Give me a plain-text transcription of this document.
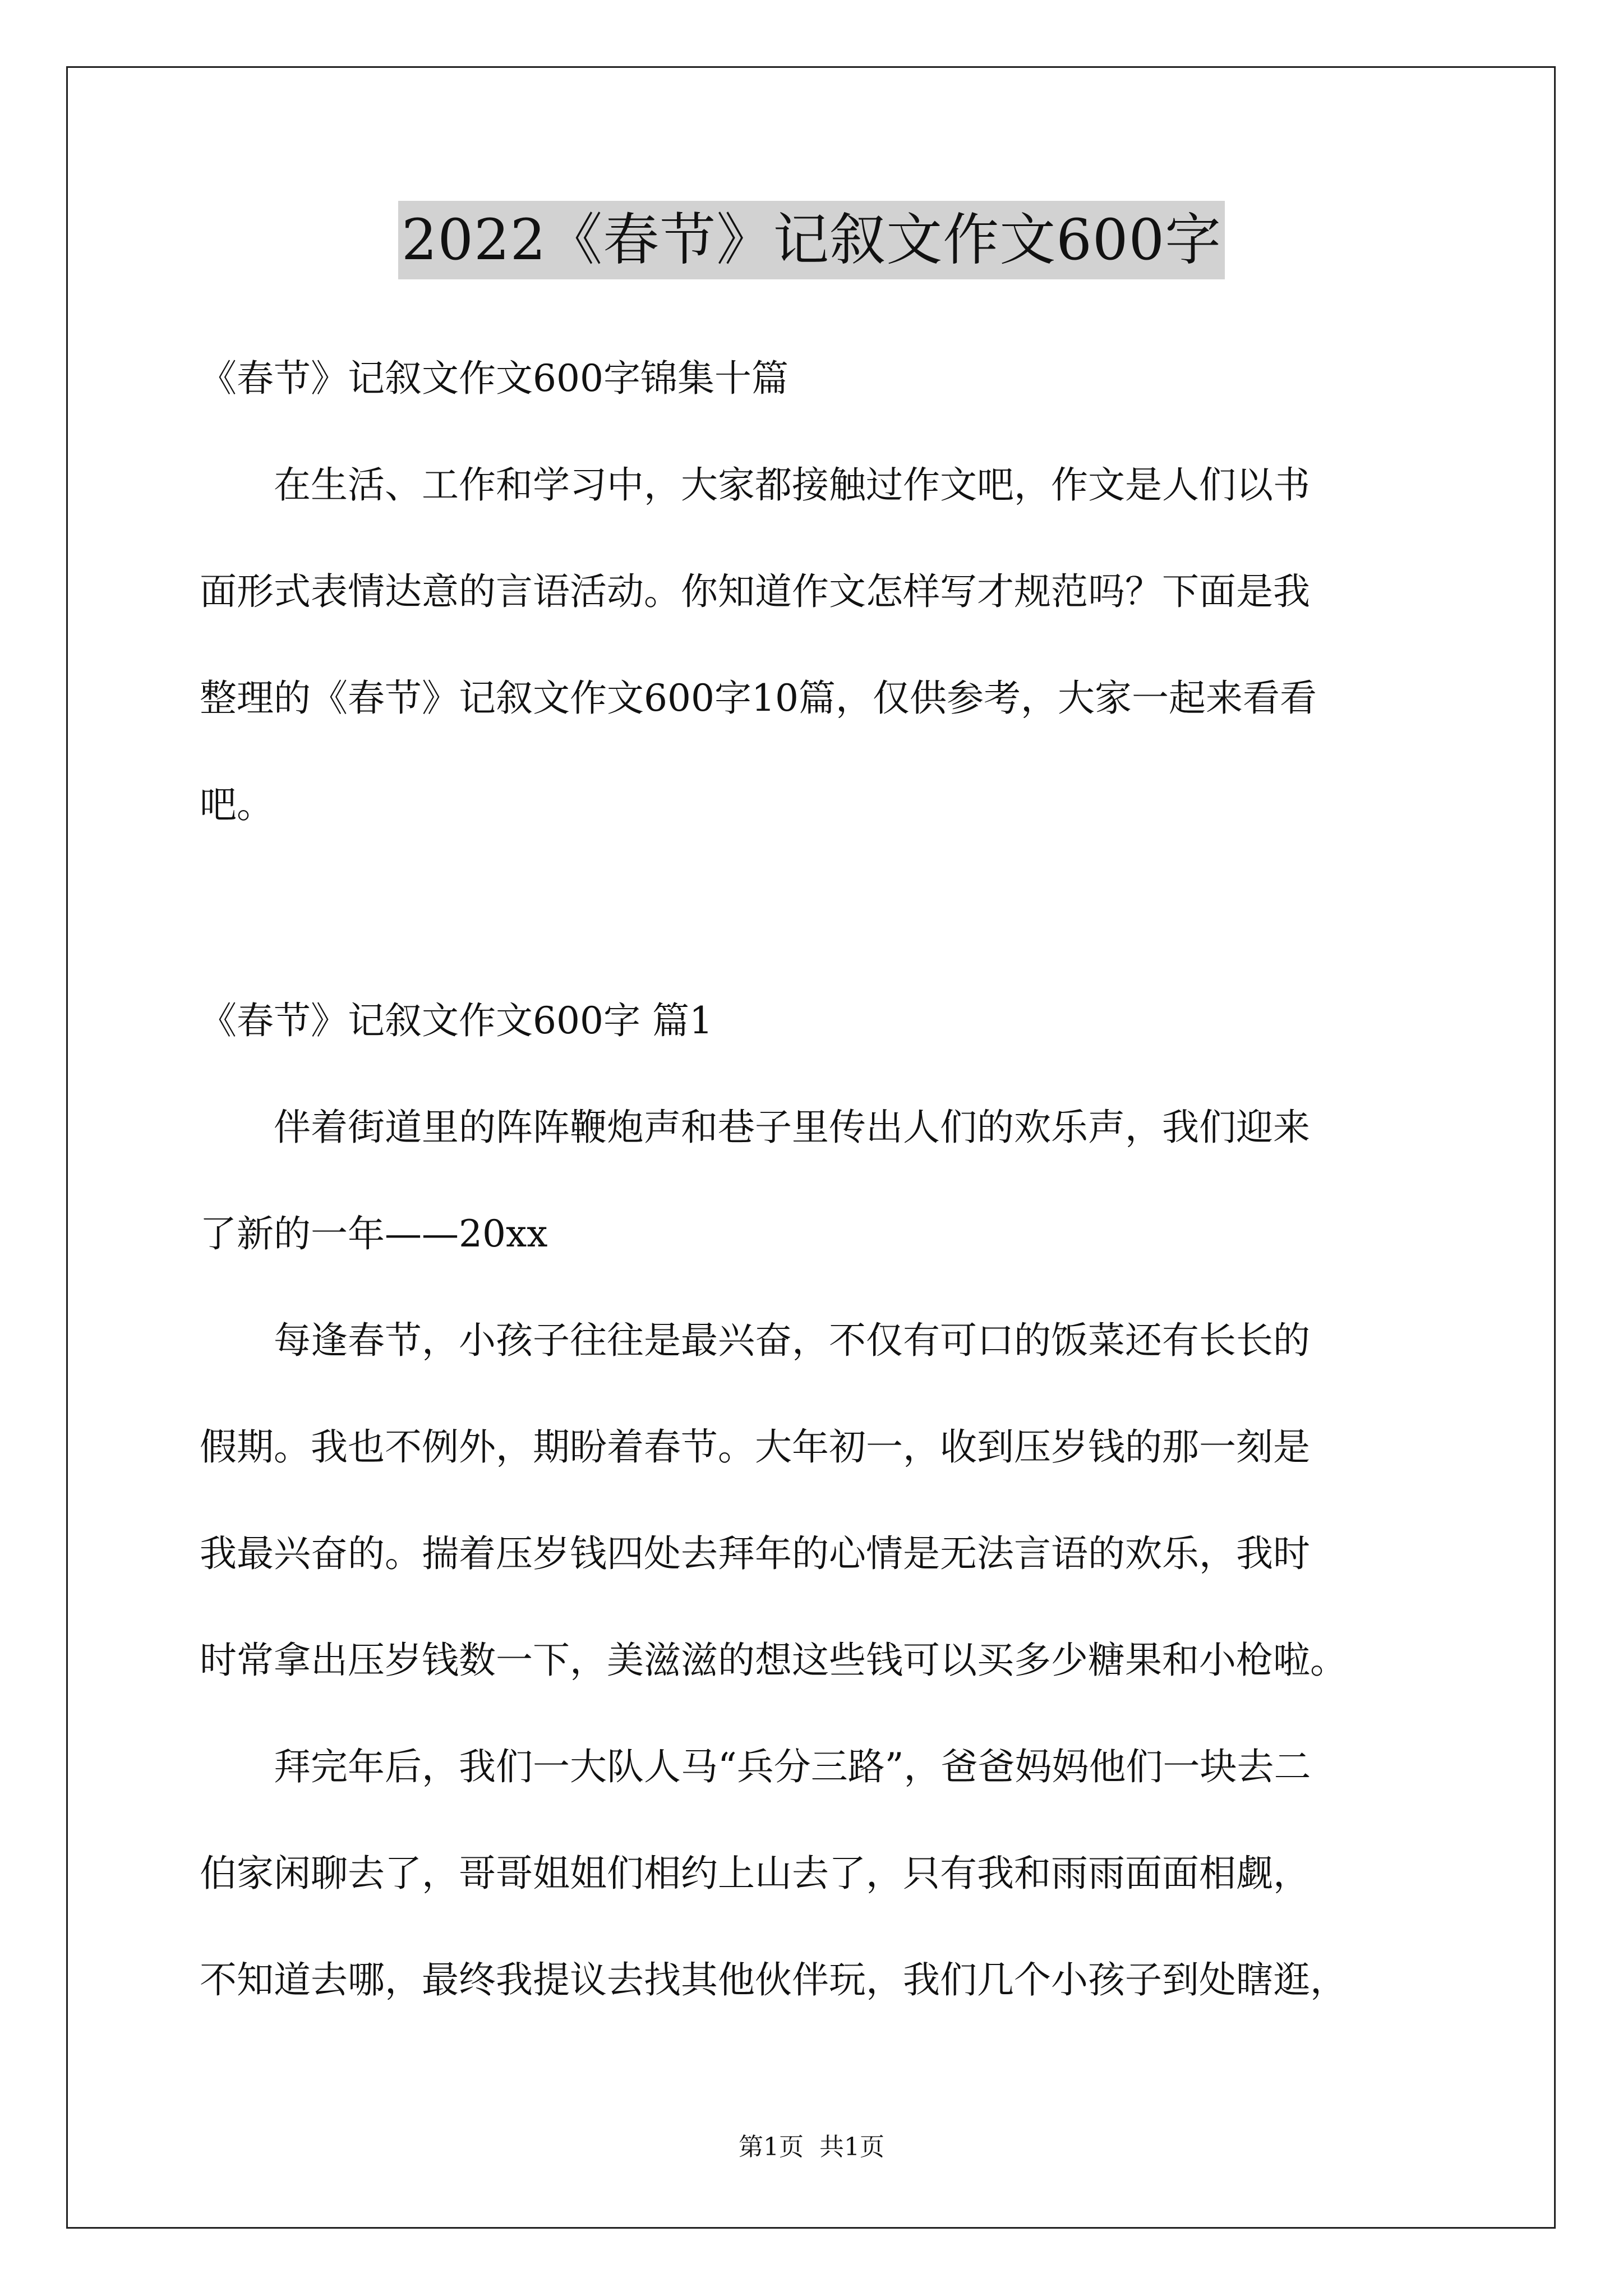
2022《春节》记叙文作文600字
《春节》记叙文作文600字锦集十篇
在生活、工作和学习中，大家都接触过作文吧，作文是人们以书
面形式表情达意的言语活动。你知道作文怎样写才规范吗？下面是我
整理的《春节》记叙文作文600字10篇，仅供参考，大家一起来看看
吧。
《春节》记叙文作文600字 篇1
伴着街道里的阵阵鞭炮声和巷子里传出人们的欢乐声，我们迎来
了新的一年——20xx
每逢春节，小孩子往往是最兴奋，不仅有可口的饭菜还有长长的
假期。我也不例外，期盼着春节。大年初一，收到压岁钱的那一刻是
我最兴奋的。揣着压岁钱四处去拜年的心情是无法言语的欢乐，我时
时常拿出压岁钱数一下，美滋滋的想这些钱可以买多少糖果和小枪啦。
拜完年后，我们一大队人马“兵分三路”，爸爸妈妈他们一块去二
伯家闲聊去了，哥哥姐姐们相约上山去了，只有我和雨雨面面相觑，
不知道去哪，最终我提议去找其他伙伴玩，我们几个小孩子到处瞎逛，
第1页 共1页
